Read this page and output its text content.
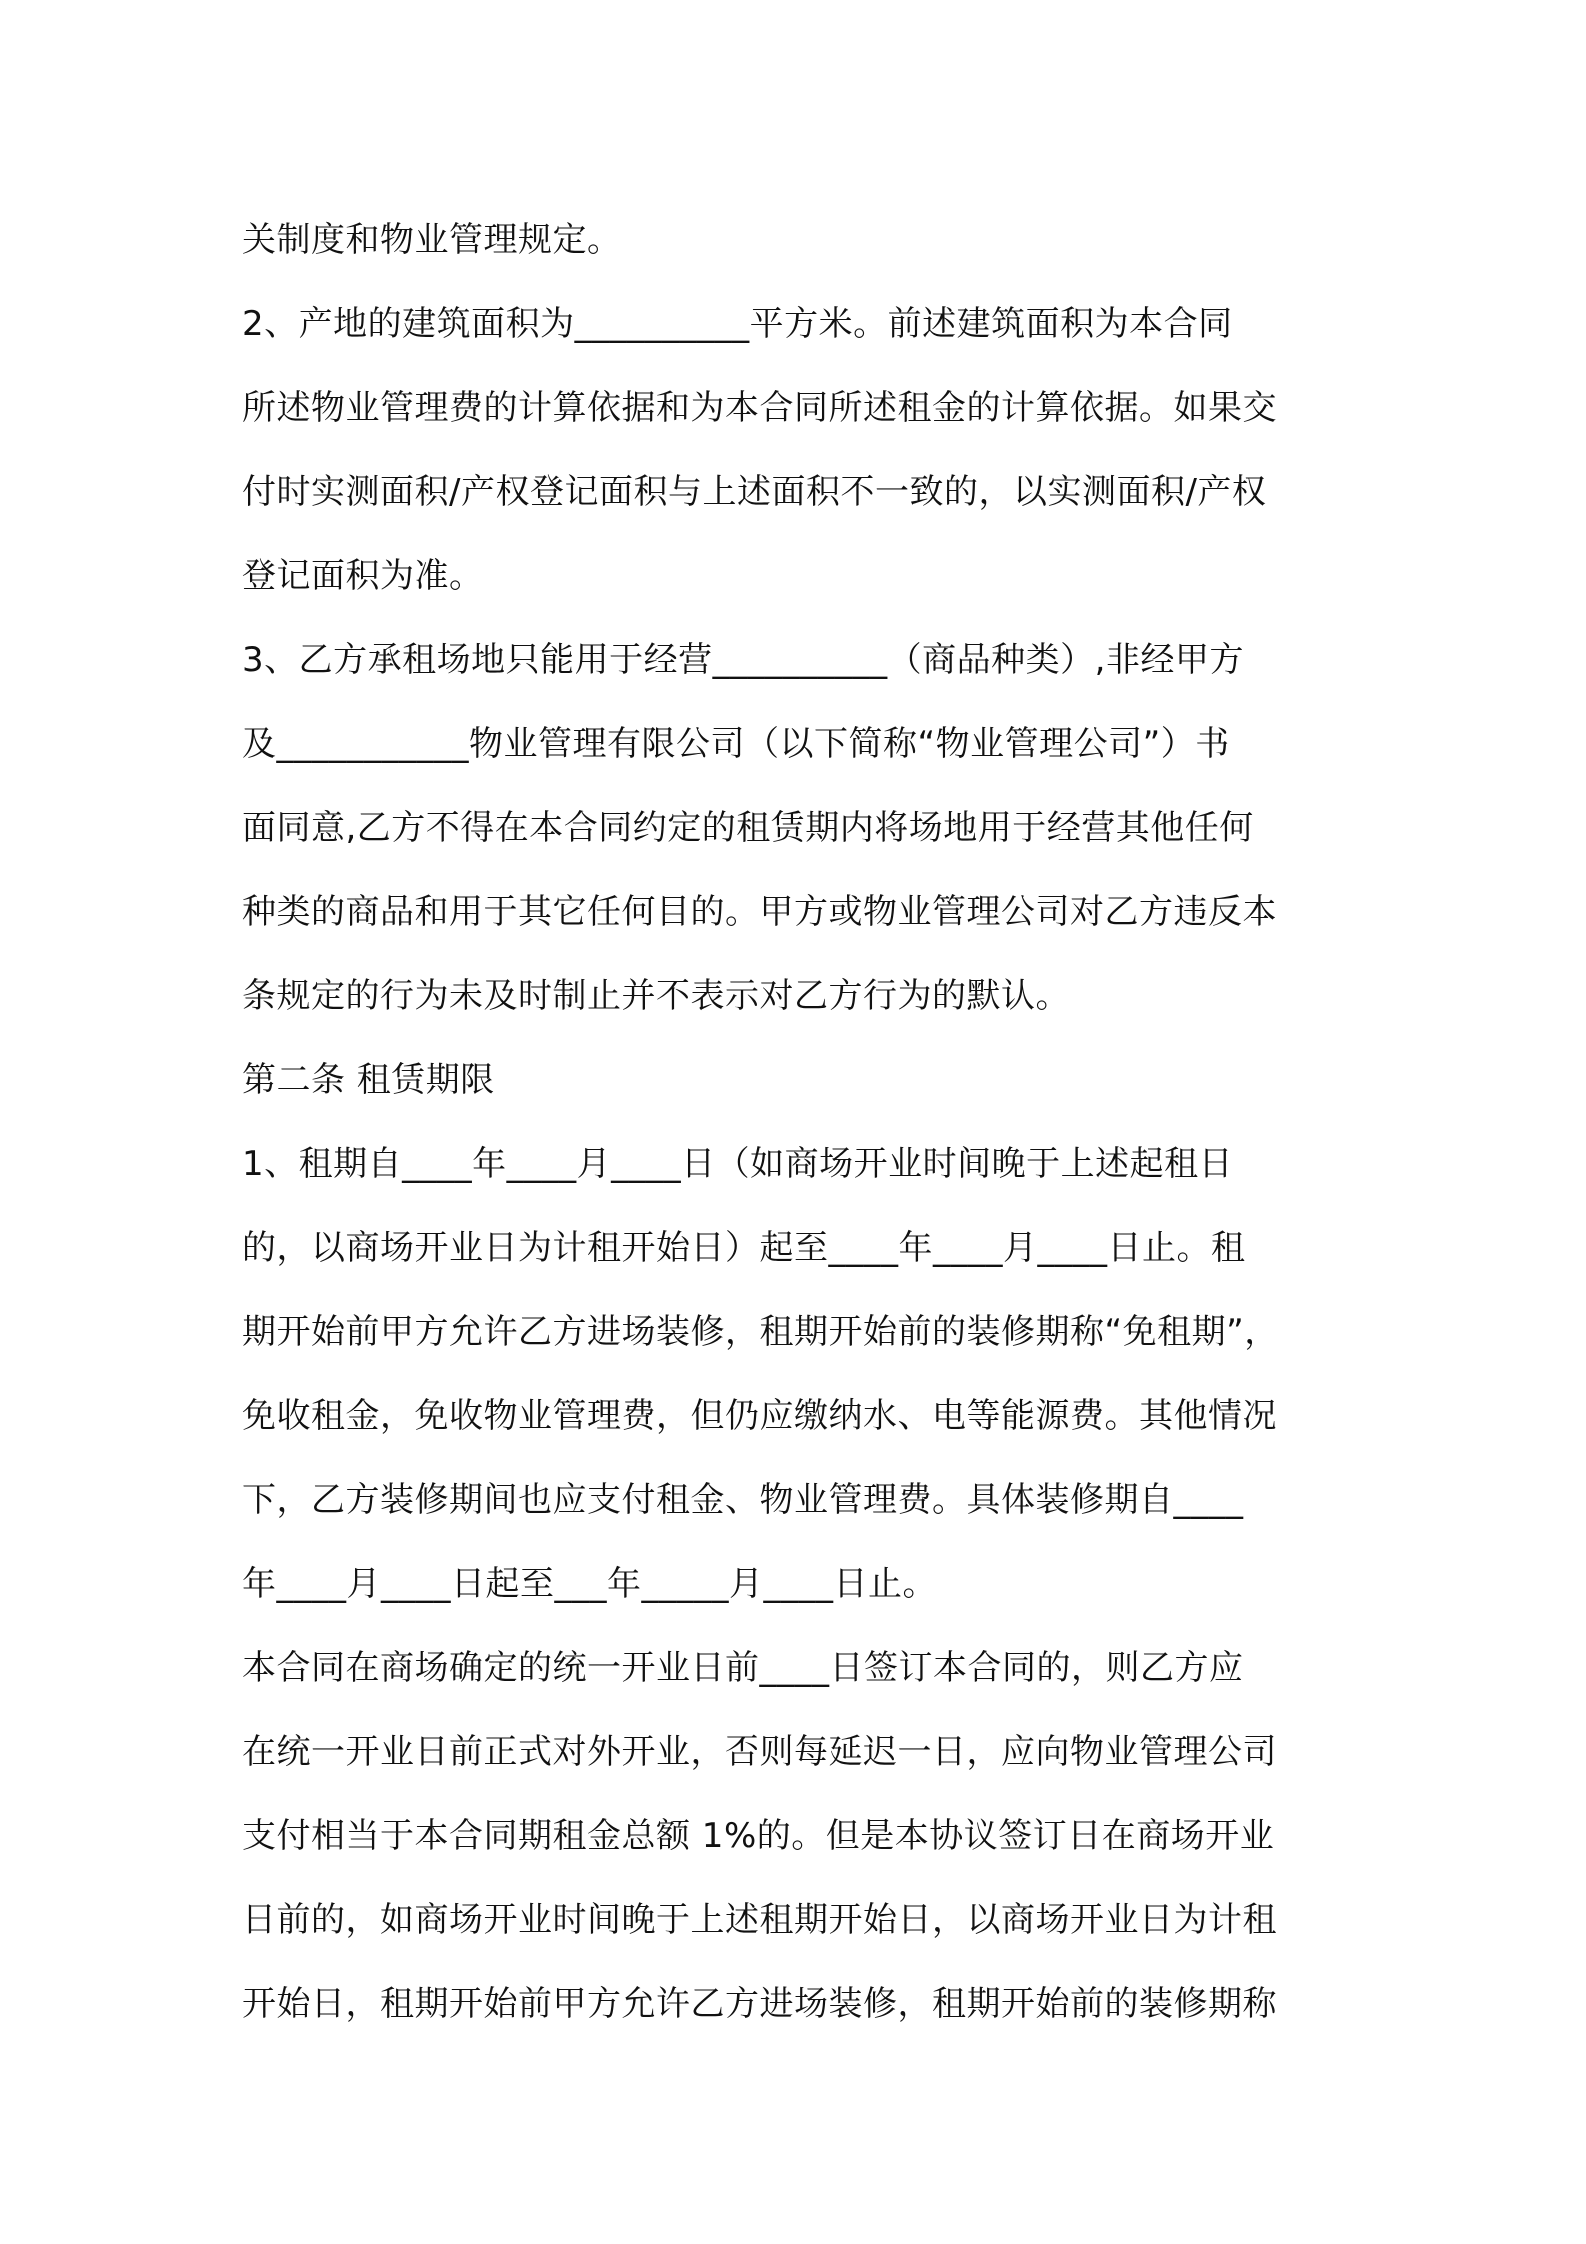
关制度和物业管理规定。
2、产地的建筑面积为__________平方米。前述建筑面积为本合同
所述物业管理费的计算依据和为本合同所述租金的计算依据。如果交
付时实测面积/产权登记面积与上述面积不一致的，以实测面积/产权
登记面积为准。
3、乙方承租场地只能用于经营__________（商品种类）,非经甲方
及___________物业管理有限公司（以下简称“物业管理公司”）书
面同意,乙方不得在本合同约定的租赁期内将场地用于经营其他任何
种类的商品和用于其它任何目的。甲方或物业管理公司对乙方违反本
条规定的行为未及时制止并不表示对乙方行为的默认。
第二条 租赁期限
1、租期自____年____月____日（如商场开业时间晚于上述起租日
的，以商场开业日为计租开始日）起至____年____月____日止。租
期开始前甲方允许乙方进场装修，租期开始前的装修期称“免租期”，
免收租金，免收物业管理费，但仍应缴纳水、电等能源费。其他情况
下，乙方装修期间也应支付租金、物业管理费。具体装修期自____
年____月____日起至___年_____月____日止。
本合同在商场确定的统一开业日前____日签订本合同的，则乙方应
在统一开业日前正式对外开业，否则每延迟一日，应向物业管理公司
支付相当于本合同期租金总额 1%的。但是本协议签订日在商场开业
日前的，如商场开业时间晚于上述租期开始日，以商场开业日为计租
开始日，租期开始前甲方允许乙方进场装修，租期开始前的装修期称
